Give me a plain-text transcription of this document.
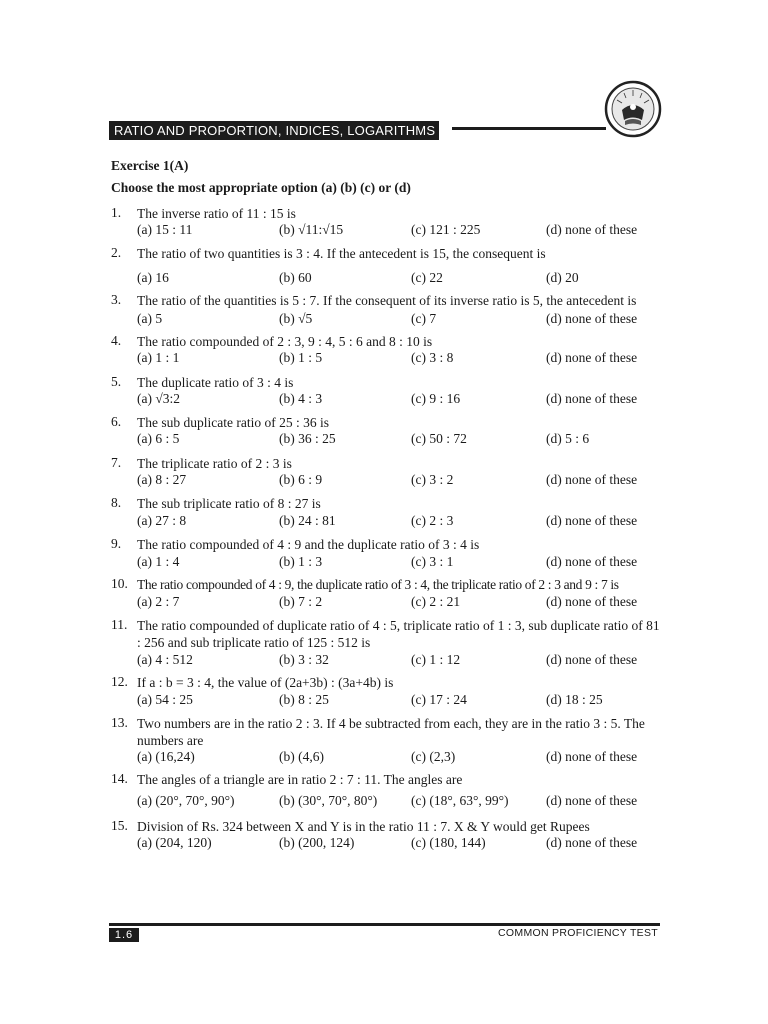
RATIO AND PROPORTION, INDICES, LOGARITHMS
Exercise 1(A)
Choose the most appropriate option (a) (b) (c) or (d)
1. The inverse ratio of 11 : 15 is
(a) 15 : 11	(b) √11:√15	(c) 121 : 225	(d) none of these
2. The ratio of two quantities is 3 : 4. If the antecedent is 15, the consequent is
(a) 16	(b) 60	(c) 22	(d) 20
3. The ratio of the quantities is 5 : 7. If the consequent of its inverse ratio is 5, the antecedent is
(a) 5	(b) √5	(c) 7	(d) none of these
4. The ratio compounded of 2 : 3, 9 : 4, 5 : 6 and 8 : 10 is
(a) 1 : 1	(b) 1 : 5	(c) 3 : 8	(d) none of these
5. The duplicate ratio of 3 : 4 is
(a) √3:2	(b) 4 : 3	(c) 9 : 16	(d) none of these
6. The sub duplicate ratio of 25 : 36 is
(a) 6 : 5	(b) 36 : 25	(c) 50 : 72	(d) 5 : 6
7. The triplicate ratio of 2 : 3 is
(a) 8 : 27	(b) 6 : 9	(c) 3 : 2	(d) none of these
8. The sub triplicate ratio of 8 : 27 is
(a) 27 : 8	(b) 24 : 81	(c) 2 : 3	(d) none of these
9. The ratio compounded of 4 : 9 and the duplicate ratio of 3 : 4 is
(a) 1 : 4	(b) 1 : 3	(c) 3 : 1	(d) none of these
10. The ratio compounded of 4 : 9, the duplicate ratio of 3 : 4, the triplicate ratio of 2 : 3 and 9 : 7 is
(a) 2 : 7	(b) 7 : 2	(c) 2 : 21	(d) none of these
11. The ratio compounded of duplicate ratio of 4 : 5, triplicate ratio of 1 : 3, sub duplicate ratio of 81 : 256 and sub triplicate ratio of 125 : 512 is
(a) 4 : 512	(b) 3 : 32	(c) 1 : 12	(d) none of these
12. If a : b = 3 : 4, the value of (2a+3b) : (3a+4b) is
(a) 54 : 25	(b) 8 : 25	(c) 17 : 24	(d) 18 : 25
13. Two numbers are in the ratio 2 : 3. If 4 be subtracted from each, they are in the ratio 3 : 5. The numbers are
(a) (16,24)	(b) (4,6)	(c) (2,3)	(d) none of these
14. The angles of a triangle are in ratio 2 : 7 : 11. The angles are
(a) (20°, 70°, 90°)	(b) (30°, 70°, 80°) (c) (18°, 63°, 99°)	(d) none of these
15. Division of Rs. 324 between X and Y is in the ratio 11 : 7. X & Y would get Rupees
(a) (204, 120)	(b) (200, 124)	(c) (180, 144)	(d) none of these
1.6	COMMON PROFICIENCY TEST
